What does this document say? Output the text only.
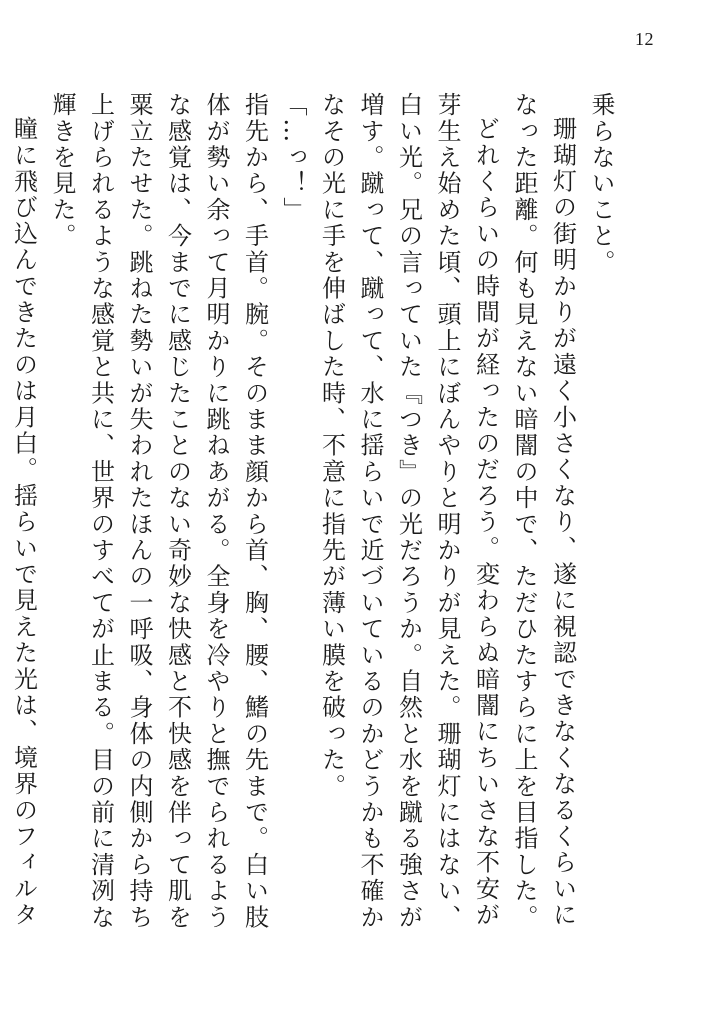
12

乗らないこと。

珊瑚灯の街明かりが遠く小さくなり、遂に視認できなくなるくらいになった距離。何も見えない暗闇の中で、ただひたすらに上を目指した。

どれくらいの時間が経ったのだろう。変わらぬ暗闇にちいさな不安が芽生え始めた頃、頭上にぼんやりと明かりが見えた。珊瑚灯にはない、白い光。兄の言っていた『つき』の光だろうか。自然と水を蹴る強さが増す。蹴って、蹴って、水に揺らいで近づいているのかどうかも不確かなその光に手を伸ばした時、不意に指先が薄い膜を破った。

「…っ！」

指先から、手首。腕。そのまま顔から首、胸、腰、鰭の先まで。白い肢体が勢い余って月明かりに跳ねあがる。全身を冷やりと撫でられるような感覚は、今までに感じたことのない奇妙な快感と不快感を伴って肌を粟立たせた。跳ねた勢いが失われたほんの一呼吸、身体の内側から持ち上げられるような感覚と共に、世界のすべてが止まる。目の前に清冽な輝きを見た。

瞳に飛び込んできたのは月白。揺らいで見えた光は、境界のフィルタ
